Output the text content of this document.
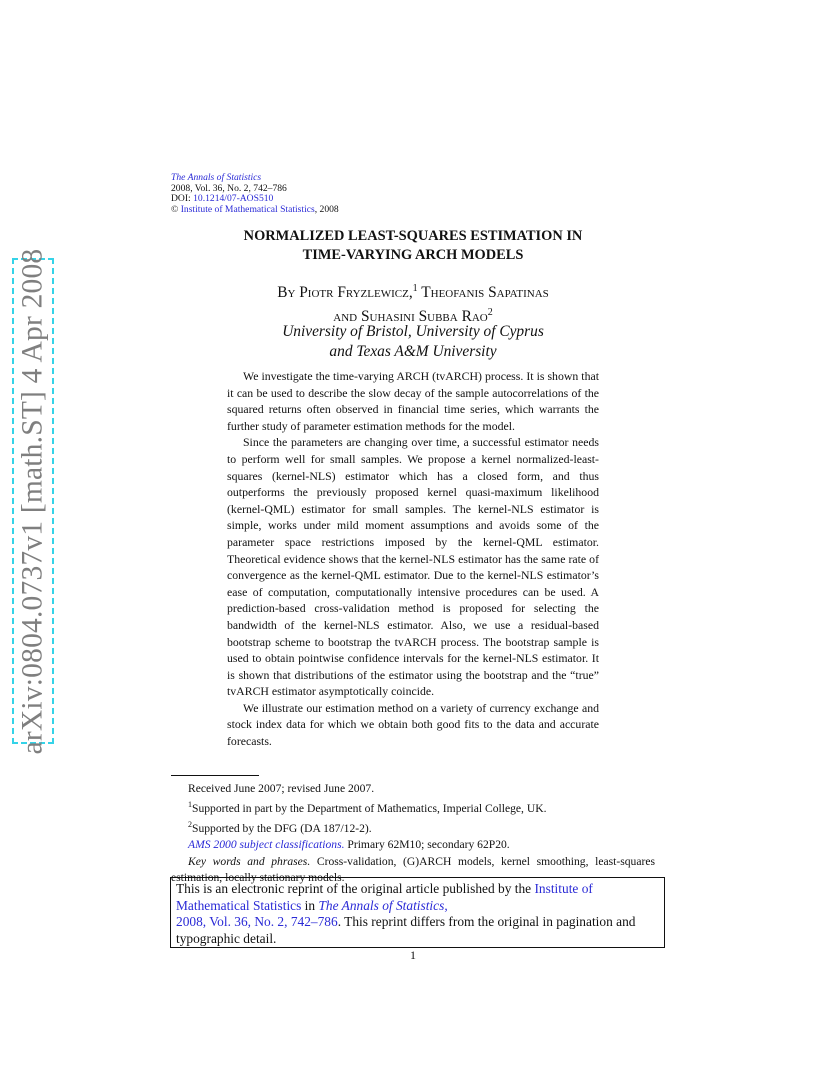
arXiv:0804.0737v1 [math.ST] 4 Apr 2008
The Annals of Statistics
2008, Vol. 36, No. 2, 742–786
DOI: 10.1214/07-AOS510
© Institute of Mathematical Statistics, 2008
NORMALIZED LEAST-SQUARES ESTIMATION IN
TIME-VARYING ARCH MODELS
By Piotr Fryzlewicz,$^1$ Theofanis Sapatinas
and Suhasini Subba Rao$^2$
University of Bristol, University of Cyprus
and Texas A&M University

We investigate the time-varying ARCH (tvARCH) process. It is shown that it can be used to describe the slow decay of the sample autocorrelations of the squared returns often observed in financial time series, which warrants the further study of parameter estimation methods for the model.

Since the parameters are changing over time, a successful estimator needs to perform well for small samples. We propose a kernel normalized-least-squares (kernel-NLS) estimator which has a closed form, and thus outperforms the previously proposed kernel quasi-maximum likelihood (kernel-QML) estimator for small samples. The kernel-NLS estimator is simple, works under mild moment assumptions and avoids some of the parameter space restrictions imposed by the kernel-QML estimator. Theoretical evidence shows that the kernel-NLS estimator has the same rate of convergence as the kernel-QML estimator. Due to the kernel-NLS estimator’s ease of computation, computationally intensive procedures can be used. A prediction-based cross-validation method is proposed for selecting the bandwidth of the kernel-NLS estimator. Also, we use a residual-based bootstrap scheme to bootstrap the tvARCH process. The bootstrap sample is used to obtain pointwise confidence intervals for the kernel-NLS estimator. It is shown that distributions of the estimator using the bootstrap and the “true” tvARCH estimator asymptotically coincide.

We illustrate our estimation method on a variety of currency exchange and stock index data for which we obtain both good fits to the data and accurate forecasts.

Received June 2007; revised June 2007.
$^1$Supported in part by the Department of Mathematics, Imperial College, UK.
$^2$Supported by the DFG (DA 187/12-2).
AMS 2000 subject classifications. Primary 62M10; secondary 62P20.
Key words and phrases. Cross-validation, (G)ARCH models, kernel smoothing, least-squares estimation, locally stationary models.
This is an electronic reprint of the original article published by the Institute of Mathematical Statistics in The Annals of Statistics,
2008, Vol. 36, No. 2, 742–786. This reprint differs from the original in pagination and typographic detail.
1
